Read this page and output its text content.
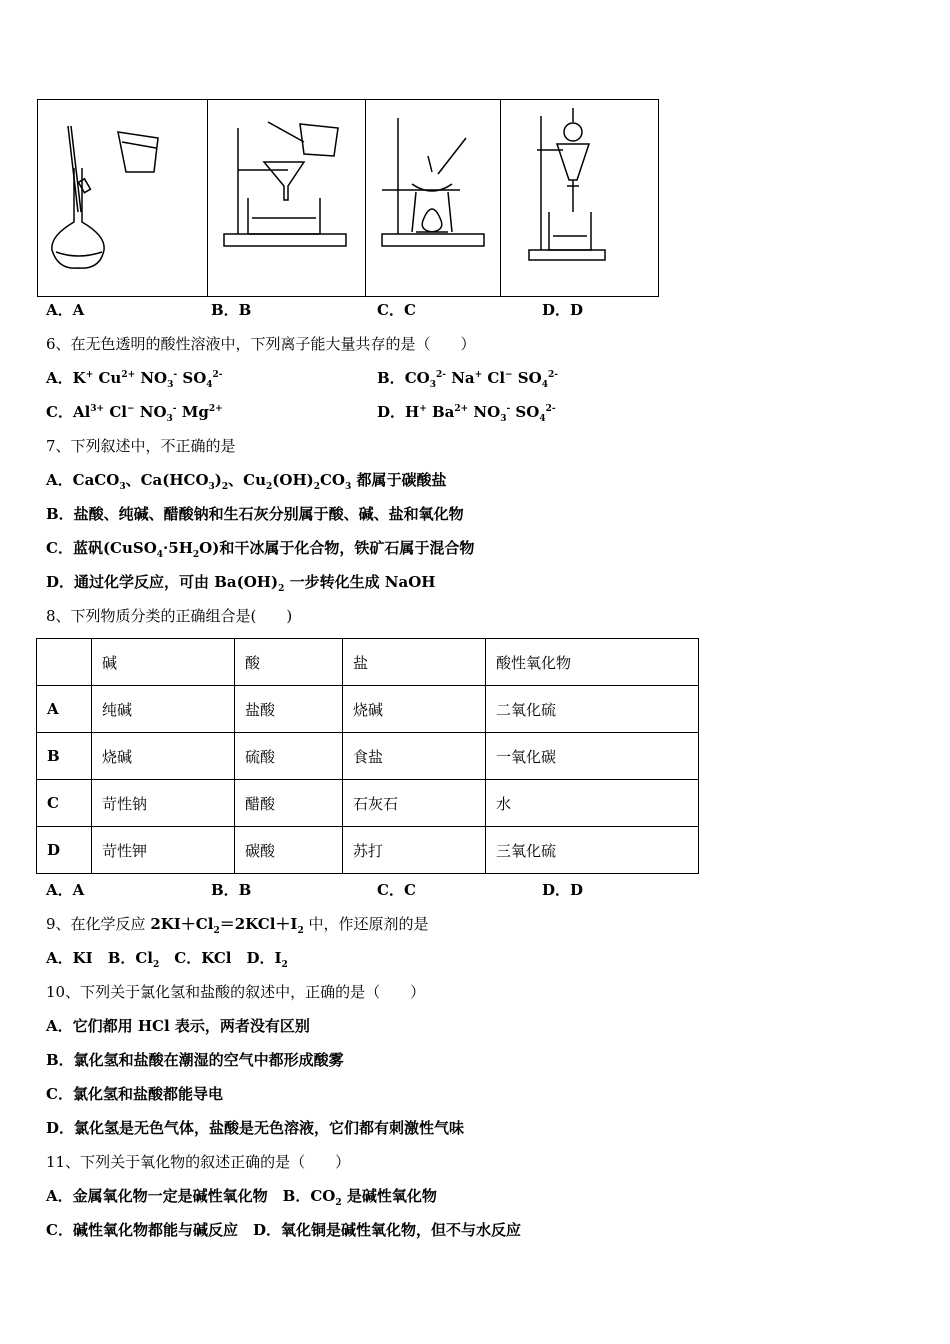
A．A	B．B	C．C	D．D
6、在无色透明的酸性溶液中，下列离子能大量共存的是（　　）
A．K+ $Cu^{2+}$ $NO_3^-$ $SO_4^{2-}$	B．$CO_3^{2-}$ Na+ Cl− $SO_4^{2-}$
C．$Al^{3+}$ Cl− $NO_3^-$ $Mg^{2+}$	D．H+ $Ba^{2+}$ $NO_3^-$ $SO_4^{2-}$
7、下列叙述中，不正确的是
A．CaCO$_3$、$Ca(HCO_3)_2$、$Cu_2(OH)_2CO_3$ 都属于碳酸盐
B．盐酸、纯碱、醋酸钠和生石灰分别属于酸、碱、盐和氧化物
C．蓝矾$(CuSO_4\cdot 5H_2O)$和干冰属于化合物，铁矿石属于混合物
D．通过化学反应，可由 $Ba(OH)_2$ 一步转化生成 NaOH
8、下列物质分类的正确组合是(　　)
	碱	酸	盐	酸性氧化物
A	纯碱	盐酸	烧碱	二氧化硫
B	烧碱	硫酸	食盐	一氧化碳
C	苛性钠	醋酸	石灰石	水
D	苛性钾	碳酸	苏打	三氧化硫
A．A	B．B	C．C	D．D
9、在化学反应 $2KI+Cl_2=2KCl+I_2$ 中，作还原剂的是
A．KI　B．$Cl_2$　C．KCl　D．$I_2$
10、下列关于氯化氢和盐酸的叙述中，正确的是（　　）
A．它们都用 HCl 表示，两者没有区别
B．氯化氢和盐酸在潮湿的空气中都形成酸雾
C．氯化氢和盐酸都能导电
D．氯化氢是无色气体，盐酸是无色溶液，它们都有刺激性气味
11、下列关于氧化物的叙述正确的是（　　）
A．金属氧化物一定是碱性氧化物　B．$CO_2$ 是碱性氧化物
C．碱性氧化物都能与碱反应　 D．氧化铜是碱性氧化物，但不与水反应
